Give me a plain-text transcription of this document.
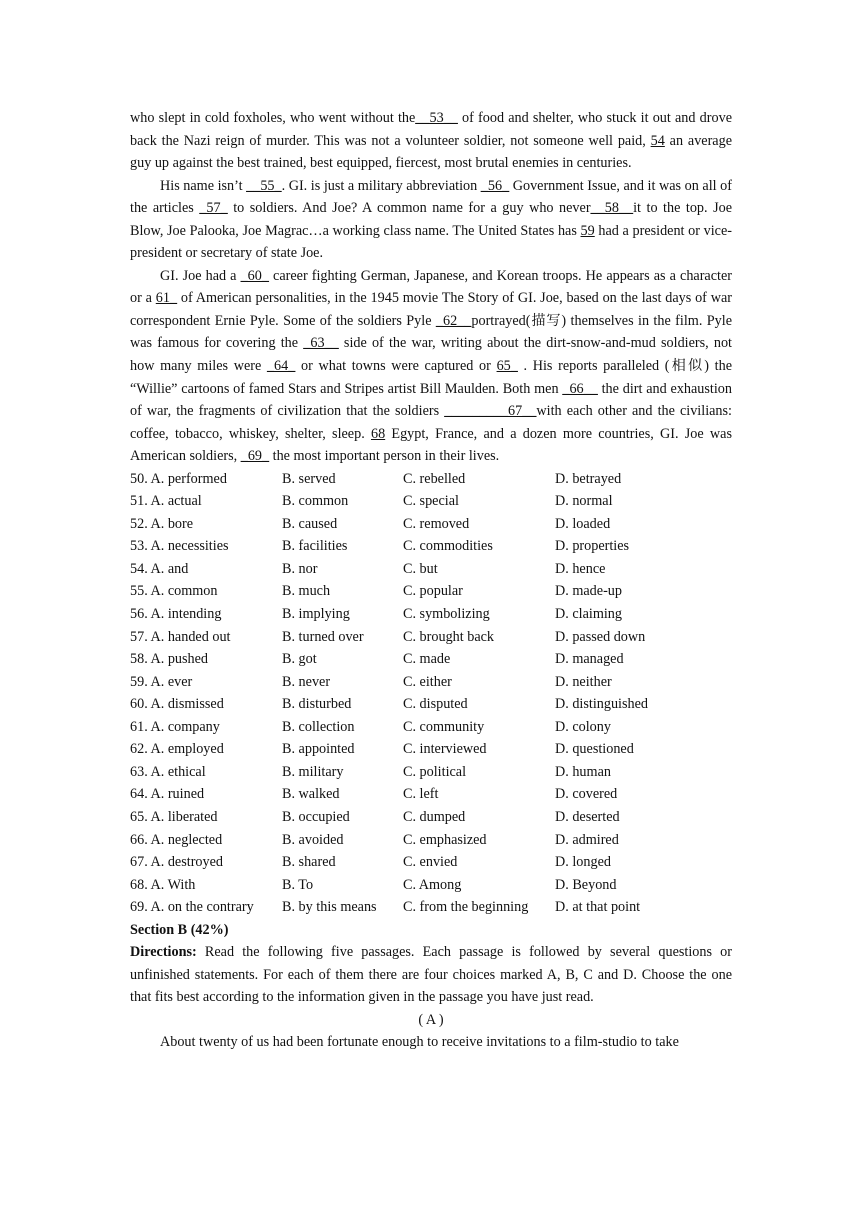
who slept in cold foxholes, who went without the__53__ of food and shelter, who stuck it out and drove back the Nazi reign of murder. This was not a volunteer soldier, not someone well paid, 54 an average guy up against the best trained, best equipped, fiercest, most brutal enemies in centuries.

His name isn’t __55_. GI. is just a military abbreviation _56_ Government Issue, and it was on all of the articles _57_ to soldiers. And Joe? A common name for a guy who never__58__it to the top. Joe Blow, Joe Palooka, Joe Magrac…a working class name. The United States has 59 had a president or vice- president or secretary of state Joe.

GI. Joe had a _60_ career fighting German, Japanese, and Korean troops. He appears as a character or a 61_ of American personalities, in the 1945 movie The Story of GI. Joe, based on the last days of war correspondent Ernie Pyle. Some of the soldiers Pyle _62__portrayed(描写) themselves in the film. Pyle was famous for covering the _63__ side of the war, writing about the dirt-snow-and-mud soldiers, not how many miles were _64_ or what towns were captured or 65_ . His reports paralleled (相似) the “Willie” cartoons of famed Stars and Stripes artist Bill Maulden. Both men _66__ the dirt and exhaustion of war, the fragments of civilization that the soldiers _________67__with each other and the civilians: coffee, tobacco, whiskey, shelter, sleep. 68 Egypt, France, and a dozen more countries, GI. Joe was American soldiers, _69_ the most important person in their lives.

50. A. performed	B. served	C. rebelled	D. betrayed
51. A. actual	B. common	C. special	D. normal
52. A. bore	B. caused	C. removed	D. loaded
53. A. necessities	B. facilities	C. commodities	D. properties
54. A. and	B. nor	C. but	D. hence
55. A. common	B. much	C. popular	D. made-up
56. A. intending	B. implying	C. symbolizing	D. claiming
57. A. handed out	B. turned over	C. brought back	D. passed down
58. A. pushed	B. got	C. made	D. managed
59. A. ever	B. never	C. either	D. neither
60. A. dismissed	B. disturbed	C. disputed	D. distinguished
61. A. company	B. collection	C. community	D. colony
62. A. employed	B. appointed	C. interviewed	D. questioned
63. A. ethical	B. military	C. political	D. human
64. A. ruined	B. walked	C. left	D. covered
65. A. liberated	B. occupied	C. dumped	D. deserted
66. A. neglected	B. avoided	C. emphasized	D. admired
67. A. destroyed	B. shared	C. envied	D. longed
68. A. With	B. To	C. Among	D. Beyond
69. A. on the contrary	B. by this means	C. from the beginning	D. at that point

Section B (42%)

Directions: Read the following five passages. Each passage is followed by several questions or unfinished statements. For each of them there are four choices marked A, B, C and D. Choose the one that fits best according to the information given in the passage you have just read.

( A )

About twenty of us had been fortunate enough to receive invitations to a film-studio to take
